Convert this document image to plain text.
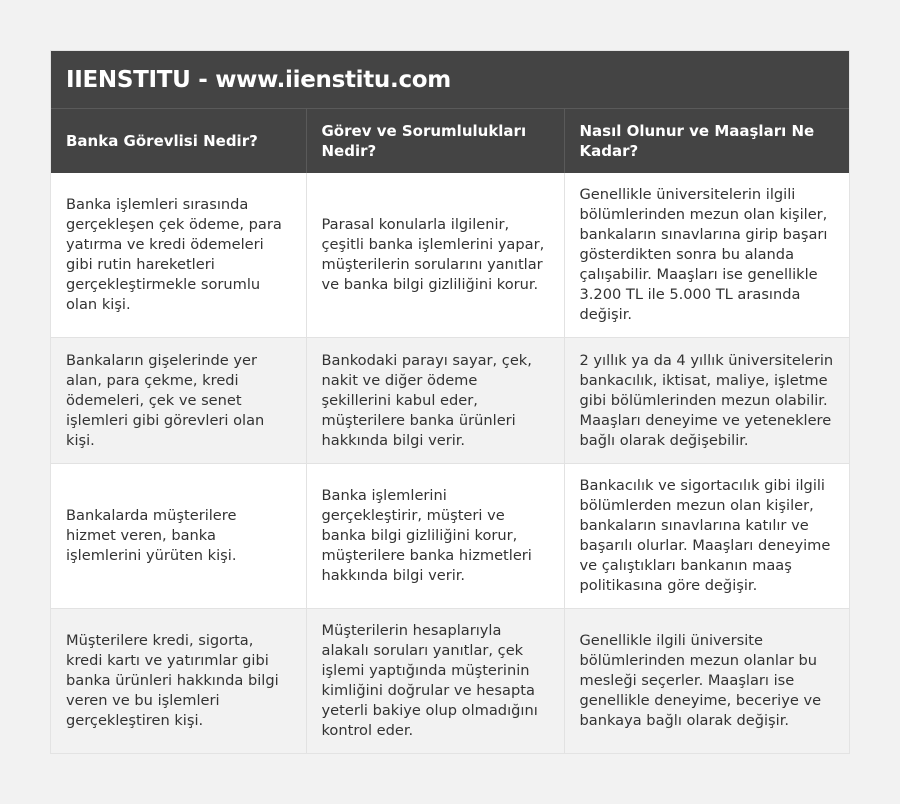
IIENSTITU - www.iienstitu.com
Banka Görevlisi Nedir?	Görev ve Sorumlulukları Nedir?	Nasıl Olunur ve Maaşları Ne Kadar?
Banka işlemleri sırasında gerçekleşen çek ödeme, para yatırma ve kredi ödemeleri gibi rutin hareketleri gerçekleştirmekle sorumlu olan kişi.	Parasal konularla ilgilenir, çeşitli banka işlemlerini yapar, müşterilerin sorularını yanıtlar ve banka bilgi gizliliğini korur.	Genellikle üniversitelerin ilgili bölümlerinden mezun olan kişiler, bankaların sınavlarına girip başarı gösterdikten sonra bu alanda çalışabilir. Maaşları ise genellikle 3.200 TL ile 5.000 TL arasında değişir.
Bankaların gişelerinde yer alan, para çekme, kredi ödemeleri, çek ve senet işlemleri gibi görevleri olan kişi.	Bankodaki parayı sayar, çek, nakit ve diğer ödeme şekillerini kabul eder, müşterilere banka ürünleri hakkında bilgi verir.	2 yıllık ya da 4 yıllık üniversitelerin bankacılık, iktisat, maliye, işletme gibi bölümlerinden mezun olabilir. Maaşları deneyime ve yeteneklere bağlı olarak değişebilir.
Bankalarda müşterilere hizmet veren, banka işlemlerini yürüten kişi.	Banka işlemlerini gerçekleştirir, müşteri ve banka bilgi gizliliğini korur, müşterilere banka hizmetleri hakkında bilgi verir.	Bankacılık ve sigortacılık gibi ilgili bölümlerden mezun olan kişiler, bankaların sınavlarına katılır ve başarılı olurlar. Maaşları deneyime ve çalıştıkları bankanın maaş politikasına göre değişir.
Müşterilere kredi, sigorta, kredi kartı ve yatırımlar gibi banka ürünleri hakkında bilgi veren ve bu işlemleri gerçekleştiren kişi.	Müşterilerin hesaplarıyla alakalı soruları yanıtlar, çek işlemi yaptığında müşterinin kimliğini doğrular ve hesapta yeterli bakiye olup olmadığını kontrol eder.	Genellikle ilgili üniversite bölümlerinden mezun olanlar bu mesleği seçerler. Maaşları ise genellikle deneyime, beceriye ve bankaya bağlı olarak değişir.
